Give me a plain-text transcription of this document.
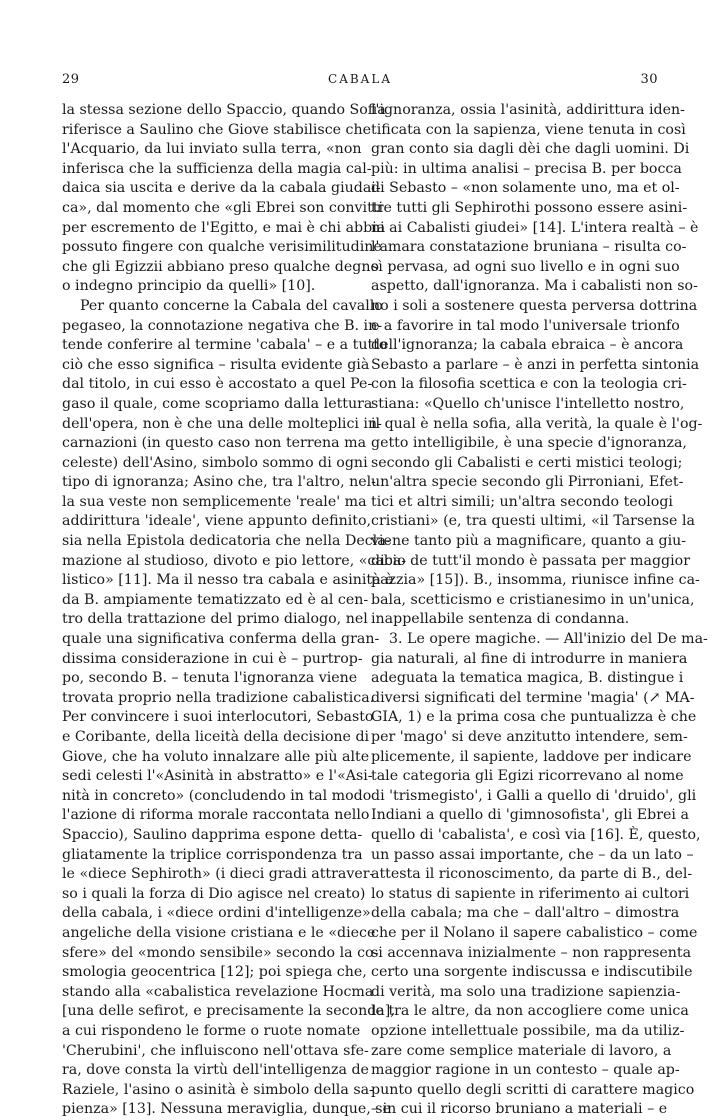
29	CABALA	30
la stessa sezione dello Spaccio, quando Sofia
riferisce a Saulino che Giove stabilisce che
l'Acquario, da lui inviato sulla terra, «non
inferisca che la sufficienza della magia cal-
daica sia uscita e derive da la cabala giudai-
ca», dal momento che «gli Ebrei son convitti
per escremento de l'Egitto, e mai è chi abbia
possuto fingere con qualche verisimilitudine
che gli Egizzii abbiano preso qualche degno
o indegno principio da quelli» [10].
Per quanto concerne la Cabala del cavallo
pegaseo, la connotazione negativa che B. in-
tende conferire al termine 'cabala' – e a tutto
ciò che esso significa – risulta evidente già
dal titolo, in cui esso è accostato a quel Pe-
gaso il quale, come scopriamo dalla lettura
dell'opera, non è che una delle molteplici in-
carnazioni (in questo caso non terrena ma
celeste) dell'Asino, simbolo sommo di ogni
tipo di ignoranza; Asino che, tra l'altro, nel-
la sua veste non semplicemente 'reale' ma
addirittura 'ideale', viene appunto definito,
sia nella Epistola dedicatoria che nella Decla-
mazione al studioso, divoto e pio lettore, «caba-
listico» [11]. Ma il nesso tra cabala e asinità è
da B. ampiamente tematizzato ed è al cen-
tro della trattazione del primo dialogo, nel
quale una significativa conferma della gran-
dissima considerazione in cui è – purtrop-
po, secondo B. – tenuta l'ignoranza viene
trovata proprio nella tradizione cabalistica.
Per convincere i suoi interlocutori, Sebasto
e Coribante, della liceità della decisione di
Giove, che ha voluto innalzare alle più alte
sedi celesti l'«Asinità in abstratto» e l'«Asi-
nità in concreto» (concludendo in tal modo
l'azione di riforma morale raccontata nello
Spaccio), Saulino dapprima espone detta-
gliatamente la triplice corrispondenza tra
le «diece Sephiroth» (i dieci gradi attraver-
so i quali la forza di Dio agisce nel creato)
della cabala, i «diece ordini d'intelligenze»
angeliche della visione cristiana e le «diece
sfere» del «mondo sensibile» secondo la co-
smologia geocentrica [12]; poi spiega che,
stando alla «cabalistica revelazione Hocma
[una delle sefirot, e precisamente la seconda],
a cui rispondeno le forme o ruote nomate
'Cherubini', che influiscono nell'ottava sfe-
ra, dove consta la virtù dell'intelligenza de
Raziele, l'asino o asinità è simbolo della sa-
pienza» [13]. Nessuna meraviglia, dunque, se
l'ignoranza, ossia l'asinità, addirittura iden-
tificata con la sapienza, viene tenuta in così
gran conto sia dagli dèi che dagli uomini. Di
più: in ultima analisi – precisa B. per bocca
di Sebasto – «non solamente uno, ma et ol-
tre tutti gli Sephirothi possono essere asini-
ni ai Cabalisti giudei» [14]. L'intera realtà – è
l'amara constatazione bruniana – risulta co-
sì pervasa, ad ogni suo livello e in ogni suo
aspetto, dall'ignoranza. Ma i cabalisti non so-
no i soli a sostenere questa perversa dottrina
e a favorire in tal modo l'universale trionfo
dell'ignoranza; la cabala ebraica – è ancora
Sebasto a parlare – è anzi in perfetta sintonia
con la filosofia scettica e con la teologia cri-
stiana: «Quello ch'unisce l'intelletto nostro,
il qual è nella sofia, alla verità, la quale è l'og-
getto intelligibile, è una specie d'ignoranza,
secondo gli Cabalisti e certi mistici teologi;
un'altra specie secondo gli Pirroniani, Efet-
tici et altri simili; un'altra secondo teologi
cristiani» (e, tra questi ultimi, «il Tarsense la
viene tanto più a magnificare, quanto a giu-
dicio de tutt'il mondo è passata per maggior
pazzia» [15]). B., insomma, riunisce infine ca-
bala, scetticismo e cristianesimo in un'unica,
inappellabile sentenza di condanna.
3. Le opere magiche. — All'inizio del De ma-
gia naturali, al fine di introdurre in maniera
adeguata la tematica magica, B. distingue i
diversi significati del termine 'magia' (↗ MA-
GIA, 1) e la prima cosa che puntualizza è che
per 'mago' si deve anzitutto intendere, sem-
plicemente, il sapiente, laddove per indicare
tale categoria gli Egizi ricorrevano al nome
di 'trismegisto', i Galli a quello di 'druido', gli
Indiani a quello di 'gimnosofista', gli Ebrei a
quello di 'cabalista', e così via [16]. È, questo,
un passo assai importante, che – da un lato –
attesta il riconoscimento, da parte di B., del-
lo status di sapiente in riferimento ai cultori
della cabala; ma che – dall'altro – dimostra
che per il Nolano il sapere cabalistico – come
si accennava inizialmente – non rappresenta
certo una sorgente indiscussa e indiscutibile
di verità, ma solo una tradizione sapienzia-
le tra le altre, da non accogliere come unica
opzione intellettuale possibile, ma da utiliz-
zare come semplice materiale di lavoro, a
maggior ragione in un contesto – quale ap-
punto quello degli scritti di carattere magico
– in cui il ricorso bruniano a materiali – e
